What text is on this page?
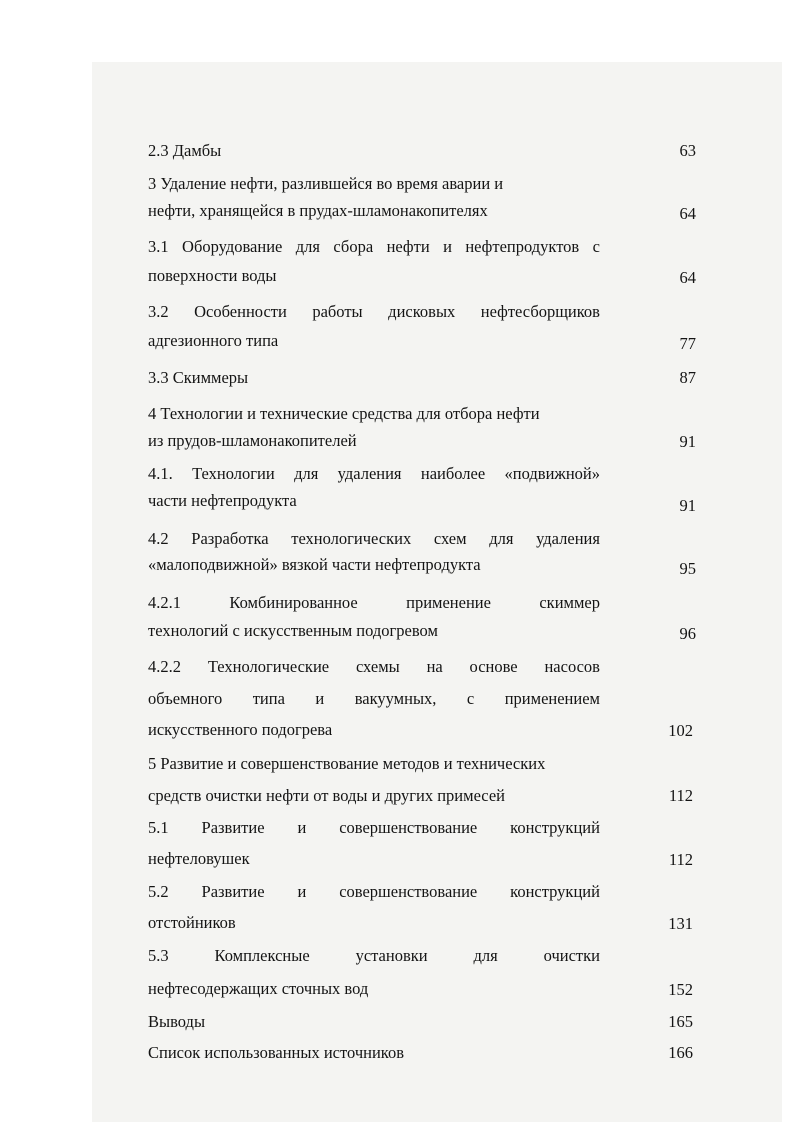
2.3 Дамбы	63
3 Удаление нефти, разлившейся во время аварии и
нефти, хранящейся в прудах-шламонакопителях	64
3.1 Оборудование для сбора нефти и нефтепродуктов с
поверхности воды	64
3.2 Особенности работы дисковых нефтесборщиков
адгезионного типа	77
3.3 Скиммеры	87
4 Технологии и технические средства для отбора нефти
из прудов-шламонакопителей	91
4.1. Технологии для удаления наиболее «подвижной»
части нефтепродукта	91
4.2 Разработка технологических схем для удаления
«малоподвижной» вязкой части нефтепродукта	95
4.2.1	Комбинированное	применение	скиммер
технологий с искусственным подогревом	96
4.2.2 Технологические схемы на основе насосов
объемного типа и вакуумных, с применением
искусственного подогрева	102
5 Развитие и совершенствование методов и технических
средств очистки нефти от воды и других примесей	112
5.1 Развитие и совершенствование конструкций
нефтеловушек	112
5.2 Развитие и совершенствование конструкций
отстойников	131
5.3	Комплексные	установки	для	очистки
нефтесодержащих сточных вод	152
Выводы	165
Список использованных источников	166
